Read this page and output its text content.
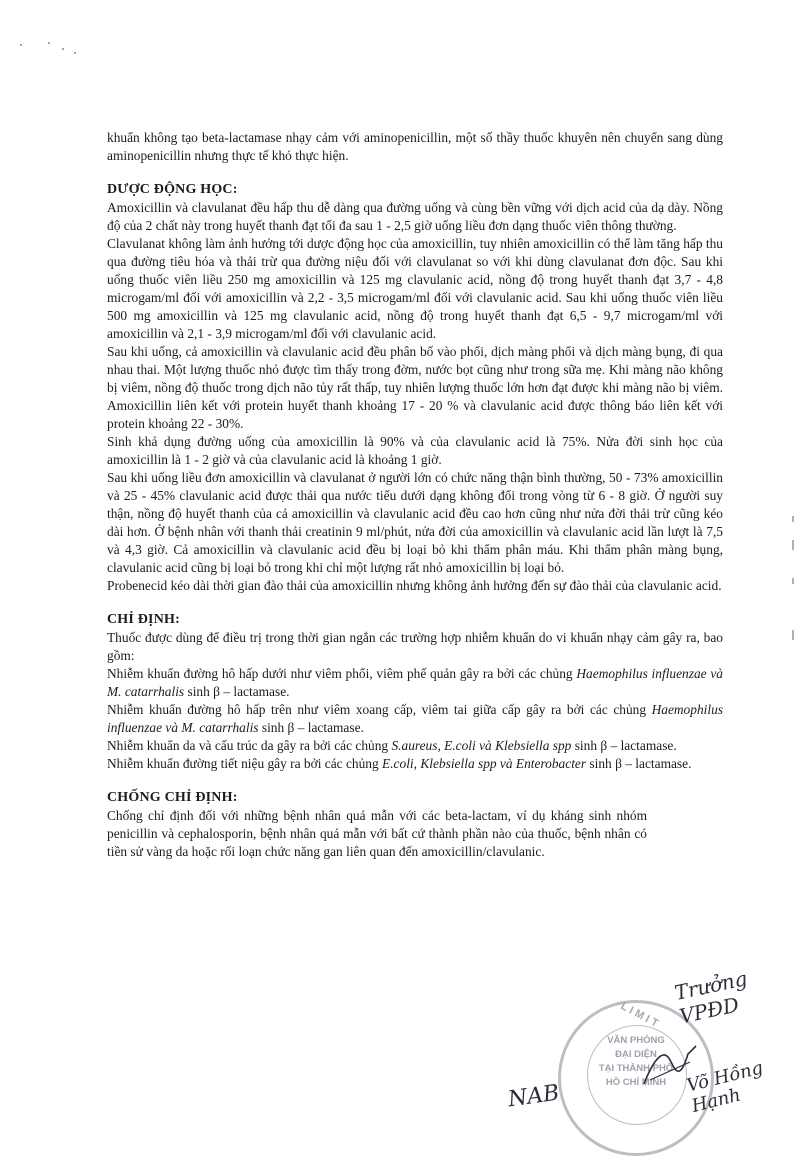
khuẩn không tạo beta-lactamase nhạy cảm với aminopenicillin, một số thầy thuốc khuyên nên chuyển sang dùng aminopenicillin nhưng thực tế khó thực hiện.

DƯỢC ĐỘNG HỌC:

Amoxicillin và clavulanat đều hấp thu dễ dàng qua đường uống và cùng bền vững với dịch acid của dạ dày. Nồng độ của 2 chất này trong huyết thanh đạt tối đa sau 1 - 2,5 giờ uống liều đơn dạng thuốc viên thông thường.

Clavulanat không làm ảnh hưởng tới dược động học của amoxicillin, tuy nhiên amoxicillin có thể làm tăng hấp thu qua đường tiêu hóa và thải trừ qua đường niệu đối với clavulanat so với khi dùng clavulanat đơn độc. Sau khi uống thuốc viên liều 250 mg amoxicillin và 125 mg clavulanic acid, nồng độ trong huyết thanh đạt 3,7 - 4,8 microgam/ml đối với amoxicillin và 2,2 - 3,5 microgam/ml đối với clavulanic acid. Sau khi uống thuốc viên liều 500 mg amoxicillin và 125 mg clavulanic acid, nồng độ trong huyết thanh đạt 6,5 - 9,7 microgam/ml với amoxicillin và 2,1 - 3,9 microgam/ml đối với clavulanic acid.

Sau khi uống, cả amoxicillin và clavulanic acid đều phân bố vào phổi, dịch màng phổi và dịch màng bụng, đi qua nhau thai. Một lượng thuốc nhỏ được tìm thấy trong đờm, nước bọt cũng như trong sữa mẹ. Khi màng não không bị viêm, nồng độ thuốc trong dịch não tủy rất thấp, tuy nhiên lượng thuốc lớn hơn đạt được khi màng não bị viêm. Amoxicillin liên kết với protein huyết thanh khoảng 17 - 20 % và clavulanic acid được thông báo liên kết với protein khoảng 22 - 30%.

Sinh khả dụng đường uống của amoxicillin là 90% và của clavulanic acid là 75%. Nửa đời sinh học của amoxicillin là 1 - 2 giờ và của clavulanic acid là khoảng 1 giờ.

Sau khi uống liều đơn amoxicillin và clavulanat ở người lớn có chức năng thận bình thường, 50 - 73% amoxicillin và 25 - 45% clavulanic acid được thải qua nước tiểu dưới dạng không đổi trong vòng từ 6 - 8 giờ. Ở người suy thận, nồng độ huyết thanh của cả amoxicillin và clavulanic acid đều cao hơn cũng như nửa đời thải trừ cũng kéo dài hơn. Ở bệnh nhân với thanh thải creatinin 9 ml/phút, nửa đời của amoxicillin và clavulanic acid lần lượt là 7,5 và 4,3 giờ. Cả amoxicillin và clavulanic acid đều bị loại bỏ khi thẩm phân máu. Khi thẩm phân màng bụng, clavulanic acid cũng bị loại bỏ trong khi chỉ một lượng rất nhỏ amoxicillin bị loại bỏ.

Probenecid kéo dài thời gian đào thải của amoxicillin nhưng không ảnh hưởng đến sự đào thải của clavulanic acid.

CHỈ ĐỊNH:

Thuốc được dùng để điều trị trong thời gian ngắn các trường hợp nhiễm khuẩn do vi khuẩn nhạy cảm gây ra, bao gồm:

Nhiễm khuẩn đường hô hấp dưới như viêm phổi, viêm phế quản gây ra bởi các chủng Haemophilus influenzae và M. catarrhalis sinh β – lactamase.

Nhiễm khuẩn đường hô hấp trên như viêm xoang cấp, viêm tai giữa cấp gây ra bởi các chủng Haemophilus influenzae và M. catarrhalis sinh β – lactamase.

Nhiễm khuẩn da và cấu trúc da gây ra bởi các chủng S.aureus, E.coli và Klebsiella spp sinh β – lactamase.

Nhiễm khuẩn đường tiết niệu gây ra bởi các chủng E.coli, Klebsiella spp và Enterobacter sinh β – lactamase.

CHỐNG CHỈ ĐỊNH:

Chống chỉ định đối với những bệnh nhân quá mẫn với các beta-lactam, ví dụ kháng sinh nhóm penicillin và cephalosporin, bệnh nhân quá mẫn với bất cứ thành phần nào của thuốc, bệnh nhân có tiền sử vàng da hoặc rối loạn chức năng gan liên quan đến amoxicillin/clavulanic.

L I M I T
VĂN PHÒNG
ĐẠI DIỆN
TẠI THÀNH PHỐ
HỒ CHÍ MINH
Trưởng VPĐD
Võ Hồng Hạnh
NAB
